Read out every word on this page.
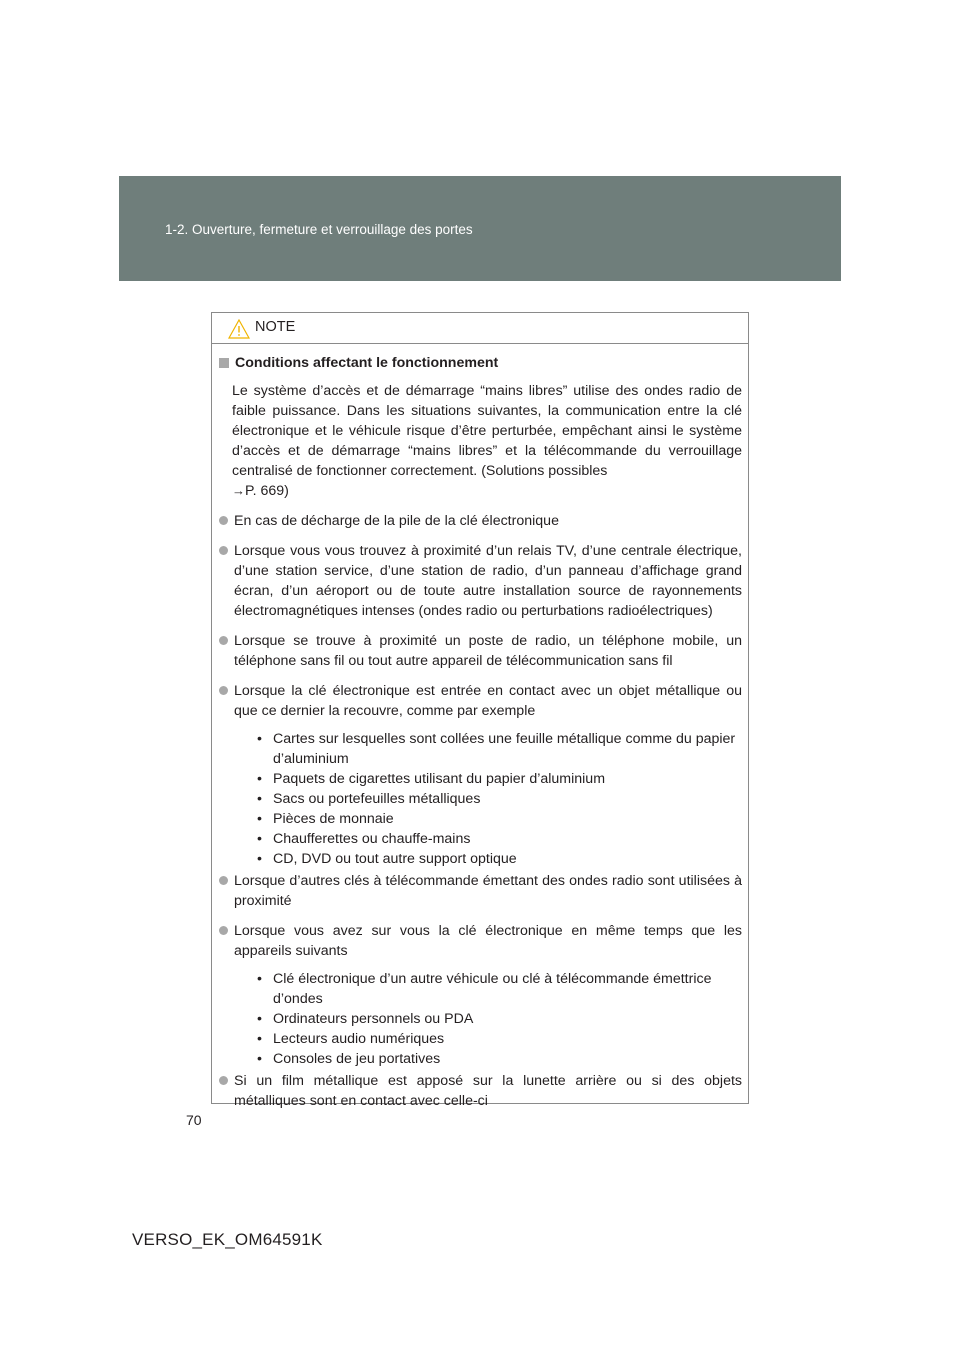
1-2. Ouverture, fermeture et verrouillage des portes
NOTE
Conditions affectant le fonctionnement

Le système d’accès et de démarrage “mains libres” utilise des ondes radio de faible puissance. Dans les situations suivantes, la communication entre la clé électronique et le véhicule risque d’être perturbée, empêchant ainsi le système d’accès et de démarrage “mains libres” et la télécommande du verrouillage centralisé de fonctionner correctement. (Solutions possibles
→P. 669)

En cas de décharge de la pile de la clé électronique
Lorsque vous vous trouvez à proximité d’un relais TV, d’une centrale électrique, d’une station service, d’une station de radio, d’un panneau d’affichage grand écran, d’un aéroport ou de toute autre installation source de rayonnements électromagnétiques intenses (ondes radio ou perturbations radioélectriques)
Lorsque se trouve à proximité un poste de radio, un téléphone mobile, un téléphone sans fil ou tout autre appareil de télécommunication sans fil
Lorsque la clé électronique est entrée en contact avec un objet métallique ou que ce dernier la recouvre, comme par exemple
• Cartes sur lesquelles sont collées une feuille métallique comme du papier d’aluminium
• Paquets de cigarettes utilisant du papier d’aluminium
• Sacs ou portefeuilles métalliques
• Pièces de monnaie
• Chaufferettes ou chauffe-mains
• CD, DVD ou tout autre support optique
Lorsque d’autres clés à télécommande émettant des ondes radio sont utilisées à proximité
Lorsque vous avez sur vous la clé électronique en même temps que les appareils suivants
• Clé électronique d’un autre véhicule ou clé à télécommande émettrice d’ondes
• Ordinateurs personnels ou PDA
• Lecteurs audio numériques
• Consoles de jeu portatives
Si un film métallique est apposé sur la lunette arrière ou si des objets métalliques sont en contact avec celle-ci
70
VERSO_EK_OM64591K
